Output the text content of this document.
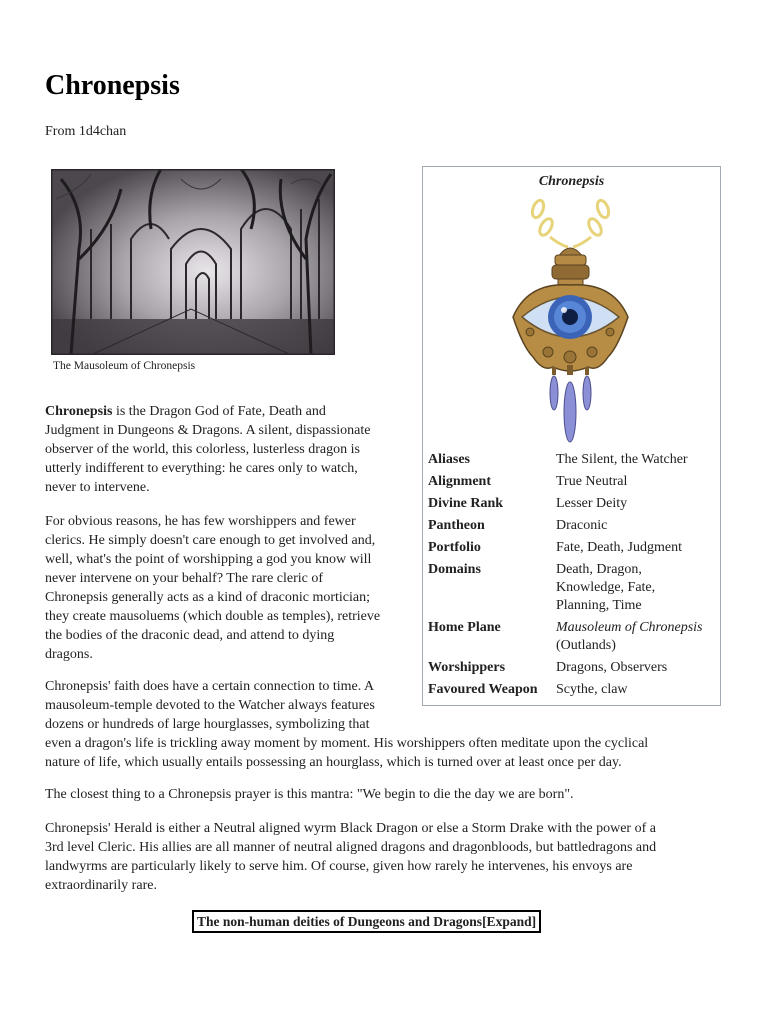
Chronepsis
From 1d4chan
The Mausoleum of Chronepsis
Chronepsis
Aliases	The Silent, the Watcher
Alignment	True Neutral
Divine Rank	Lesser Deity
Pantheon	Draconic
Portfolio	Fate, Death, Judgment
Domains	Death, Dragon,
Knowledge, Fate,
Planning, Time
Home Plane	Mausoleum of Chronepsis
(Outlands)
Worshippers	Dragons, Observers
Favoured Weapon	Scythe, claw

Chronepsis is the Dragon God of Fate, Death and
Judgment in Dungeons & Dragons. A silent, dispassionate
observer of the world, this colorless, lusterless dragon is
utterly indifferent to everything: he cares only to watch,
never to intervene.

For obvious reasons, he has few worshippers and fewer
clerics. He simply doesn't care enough to get involved and,
well, what's the point of worshipping a god you know will
never intervene on your behalf? The rare cleric of
Chronepsis generally acts as a kind of draconic mortician;
they create mausoluems (which double as temples), retrieve
the bodies of the draconic dead, and attend to dying
dragons.

Chronepsis' faith does have a certain connection to time. A
mausoleum-temple devoted to the Watcher always features
dozens or hundreds of large hourglasses, symbolizing that
even a dragon's life is trickling away moment by moment. His worshippers often meditate upon the cyclical
nature of life, which usually entails possessing an hourglass, which is turned over at least once per day.

The closest thing to a Chronepsis prayer is this mantra: "We begin to die the day we are born".

Chronepsis' Herald is either a Neutral aligned wyrm Black Dragon or else a Storm Drake with the power of a
3rd level Cleric. His allies are all manner of neutral aligned dragons and dragonbloods, but battledragons and
landwyrms are particularly likely to serve him. Of course, given how rarely he intervenes, his envoys are
extraordinarily rare.

The non-human deities of Dungeons and Dragons[Expand]
